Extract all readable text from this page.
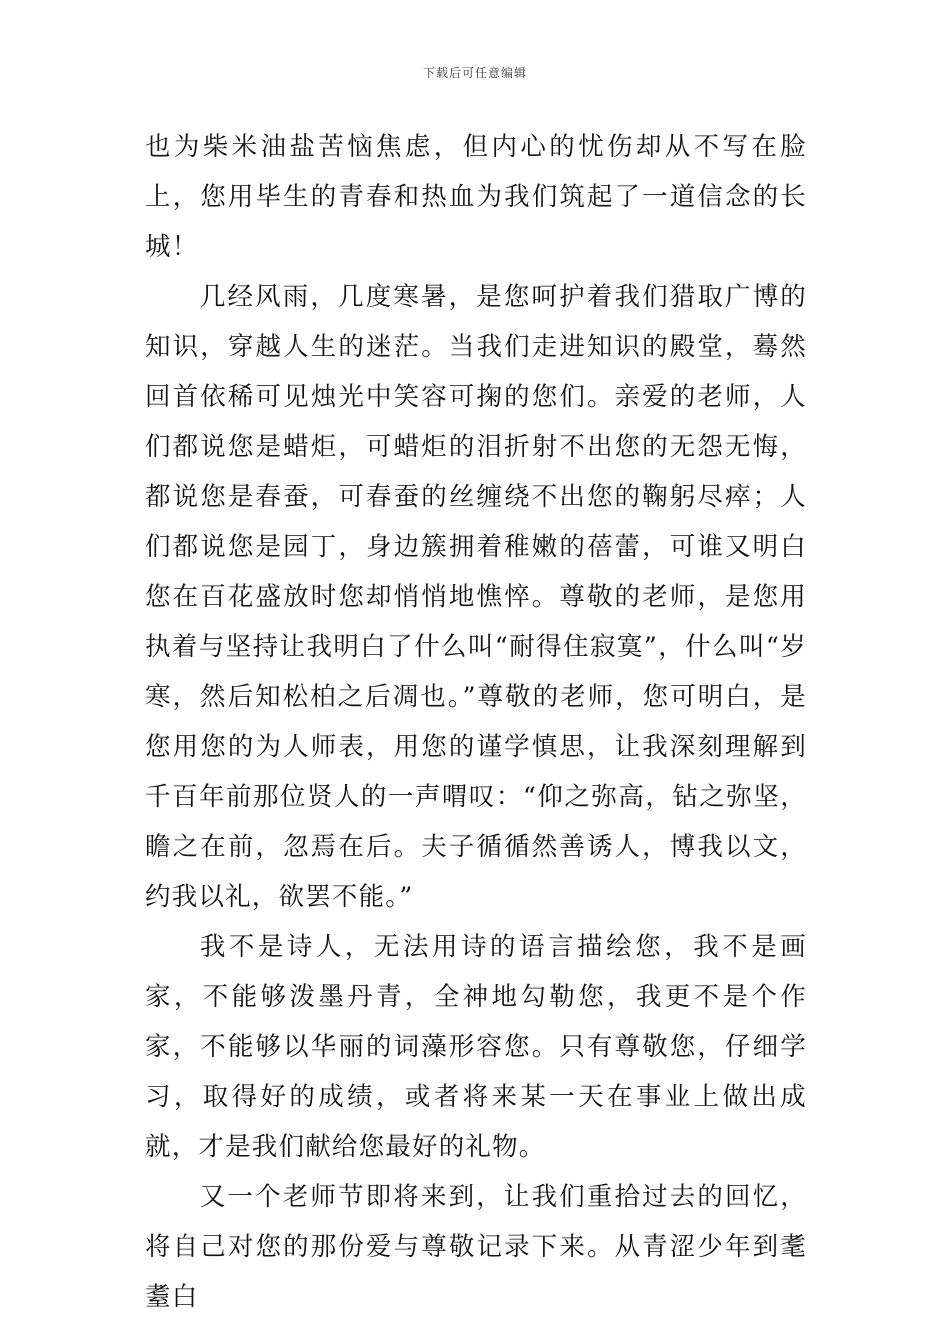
下载后可任意编辑

也为柴米油盐苦恼焦虑，但内心的忧伤却从不写在脸上，您用毕生的青春和热血为我们筑起了一道信念的长城！

几经风雨，几度寒暑，是您呵护着我们猎取广博的知识，穿越人生的迷茫。当我们走进知识的殿堂，蓦然回首依稀可见烛光中笑容可掬的您们。亲爱的老师，人们都说您是蜡炬，可蜡炬的泪折射不出您的无怨无悔，都说您是春蚕，可春蚕的丝缠绕不出您的鞠躬尽瘁；人们都说您是园丁，身边簇拥着稚嫩的蓓蕾，可谁又明白您在百花盛放时您却悄悄地憔悴。尊敬的老师，是您用执着与坚持让我明白了什么叫“耐得住寂寞”，什么叫“岁寒，然后知松柏之后凋也。”尊敬的老师，您可明白，是您用您的为人师表，用您的谨学慎思，让我深刻理解到千百年前那位贤人的一声喟叹：“仰之弥高，钻之弥坚，瞻之在前，忽焉在后。夫子循循然善诱人，博我以文，约我以礼，欲罢不能。”

我不是诗人，无法用诗的语言描绘您，我不是画家，不能够泼墨丹青，全神地勾勒您，我更不是个作家，不能够以华丽的词藻形容您。只有尊敬您，仔细学习，取得好的成绩，或者将来某一天在事业上做出成就，才是我们献给您最好的礼物。

又一个老师节即将来到，让我们重拾过去的回忆，将自己对您的那份爱与尊敬记录下来。从青涩少年到耄耋白
